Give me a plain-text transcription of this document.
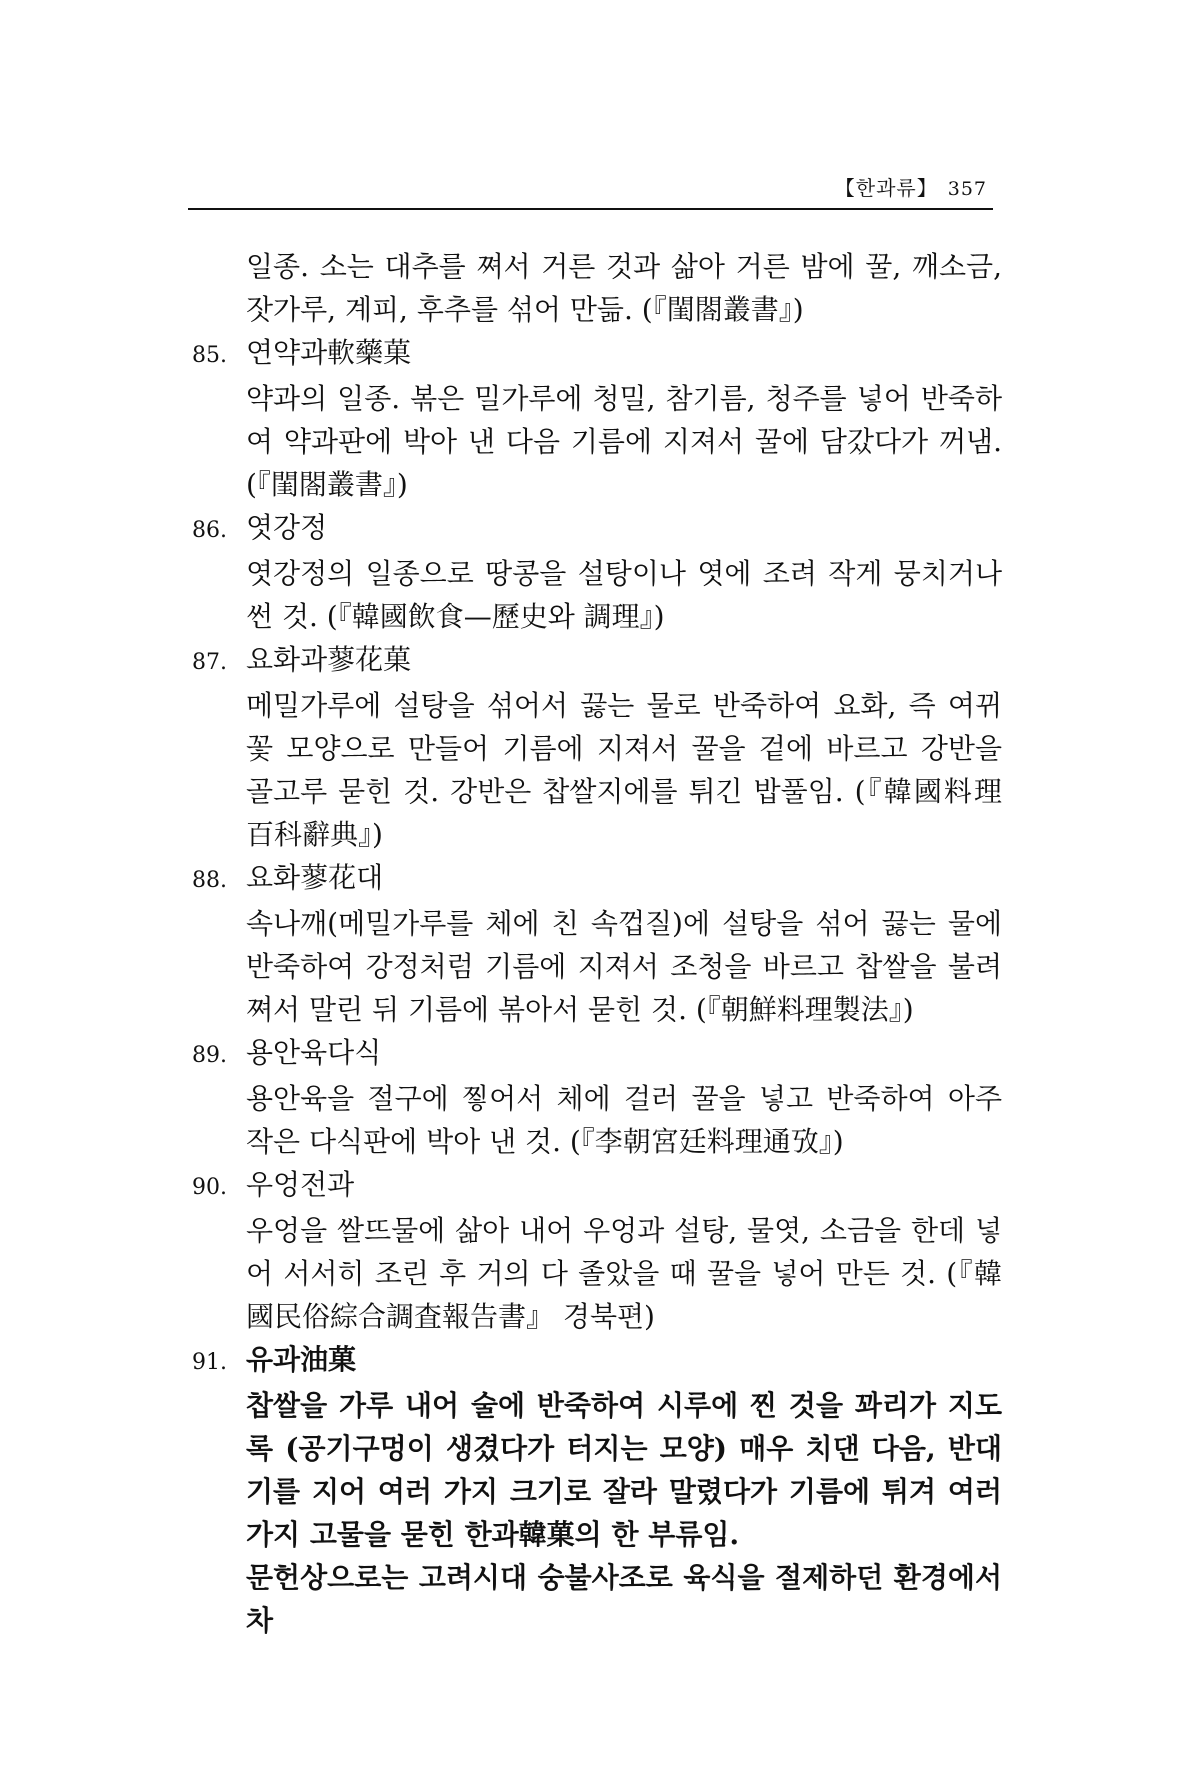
【한과류】 357
일종. 소는 대추를 쪄서 거른 것과 삶아 거른 밤에 꿀, 깨소금, 잣가루, 계피, 후추를 섞어 만듦. (『閨閤叢書』)
85. 연약과軟藥菓
약과의 일종. 볶은 밀가루에 청밀, 참기름, 청주를 넣어 반죽하여 약과판에 박아 낸 다음 기름에 지져서 꿀에 담갔다가 꺼냄. (『閨閤叢書』)
86. 엿강정
엿강정의 일종으로 땅콩을 설탕이나 엿에 조려 작게 뭉치거나 썬 것. (『韓國飲食—歷史와 調理』)
87. 요화과蓼花菓
메밀가루에 설탕을 섞어서 끓는 물로 반죽하여 요화, 즉 여뀌꽃 모양으로 만들어 기름에 지져서 꿀을 겉에 바르고 강반을 골고루 묻힌 것. 강반은 찹쌀지에를 튀긴 밥풀임. (『韓國料理百科辭典』)
88. 요화蓼花대
속나깨(메밀가루를 체에 친 속껍질)에 설탕을 섞어 끓는 물에 반죽하여 강정처럼 기름에 지져서 조청을 바르고 찹쌀을 불려 쪄서 말린 뒤 기름에 볶아서 묻힌 것. (『朝鮮料理製法』)
89. 용안육다식
용안육을 절구에 찧어서 체에 걸러 꿀을 넣고 반죽하여 아주 작은 다식판에 박아 낸 것. (『李朝宮廷料理通攷』)
90. 우엉전과
우엉을 쌀뜨물에 삶아 내어 우엉과 설탕, 물엿, 소금을 한데 넣어 서서히 조린 후 거의 다 졸았을 때 꿀을 넣어 만든 것. (『韓國民俗綜合調査報告書』 경북편)
91. 유과油菓
찹쌀을 가루 내어 술에 반죽하여 시루에 찐 것을 꽈리가 지도록 (공기구멍이 생겼다가 터지는 모양) 매우 치댄 다음, 반대기를 지어 여러 가지 크기로 잘라 말렸다가 기름에 튀겨 여러 가지 고물을 묻힌 한과韓菓의 한 부류임.
문헌상으로는 고려시대 숭불사조로 육식을 절제하던 환경에서 차
